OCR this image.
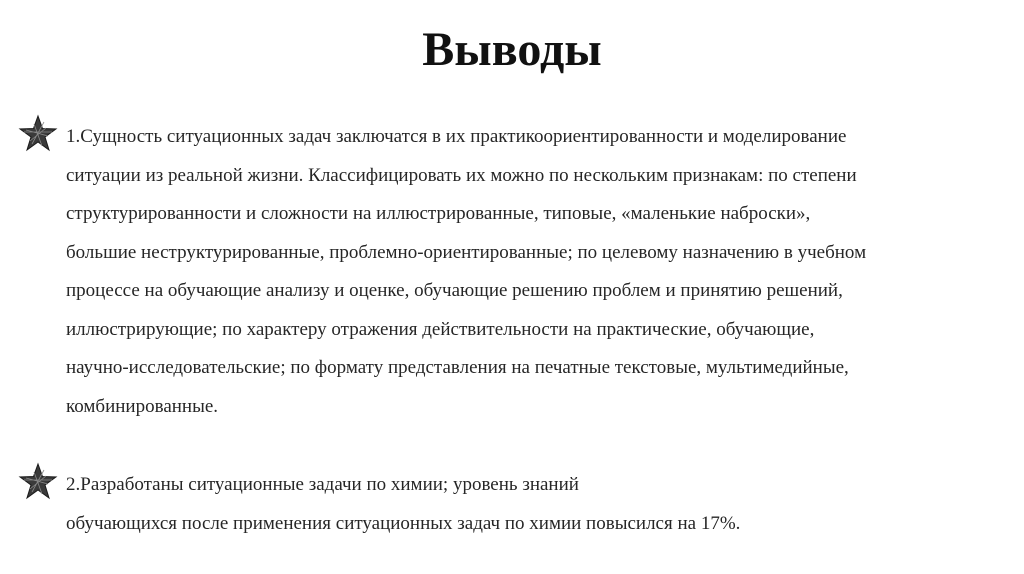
Выводы

1.Сущность ситуационных задач заключатся в их практикоориентированности и моделирование
ситуации из реальной жизни. Классифицировать их можно по нескольким признакам: по степени
структурированности и сложности на иллюстрированные, типовые, «маленькие наброски»,
большие неструктурированные, проблемно-ориентированные; по целевому назначению в учебном
процессе на обучающие анализу и оценке, обучающие решению проблем и принятию решений,
иллюстрирующие; по характеру отражения действительности на практические, обучающие,
научно-исследовательские; по формату представления на печатные текстовые, мультимедийные,
комбинированные.

2.Разработаны ситуационные задачи по химии; уровень знаний
обучающихся после применения ситуационных задач по химии повысился на 17%.
